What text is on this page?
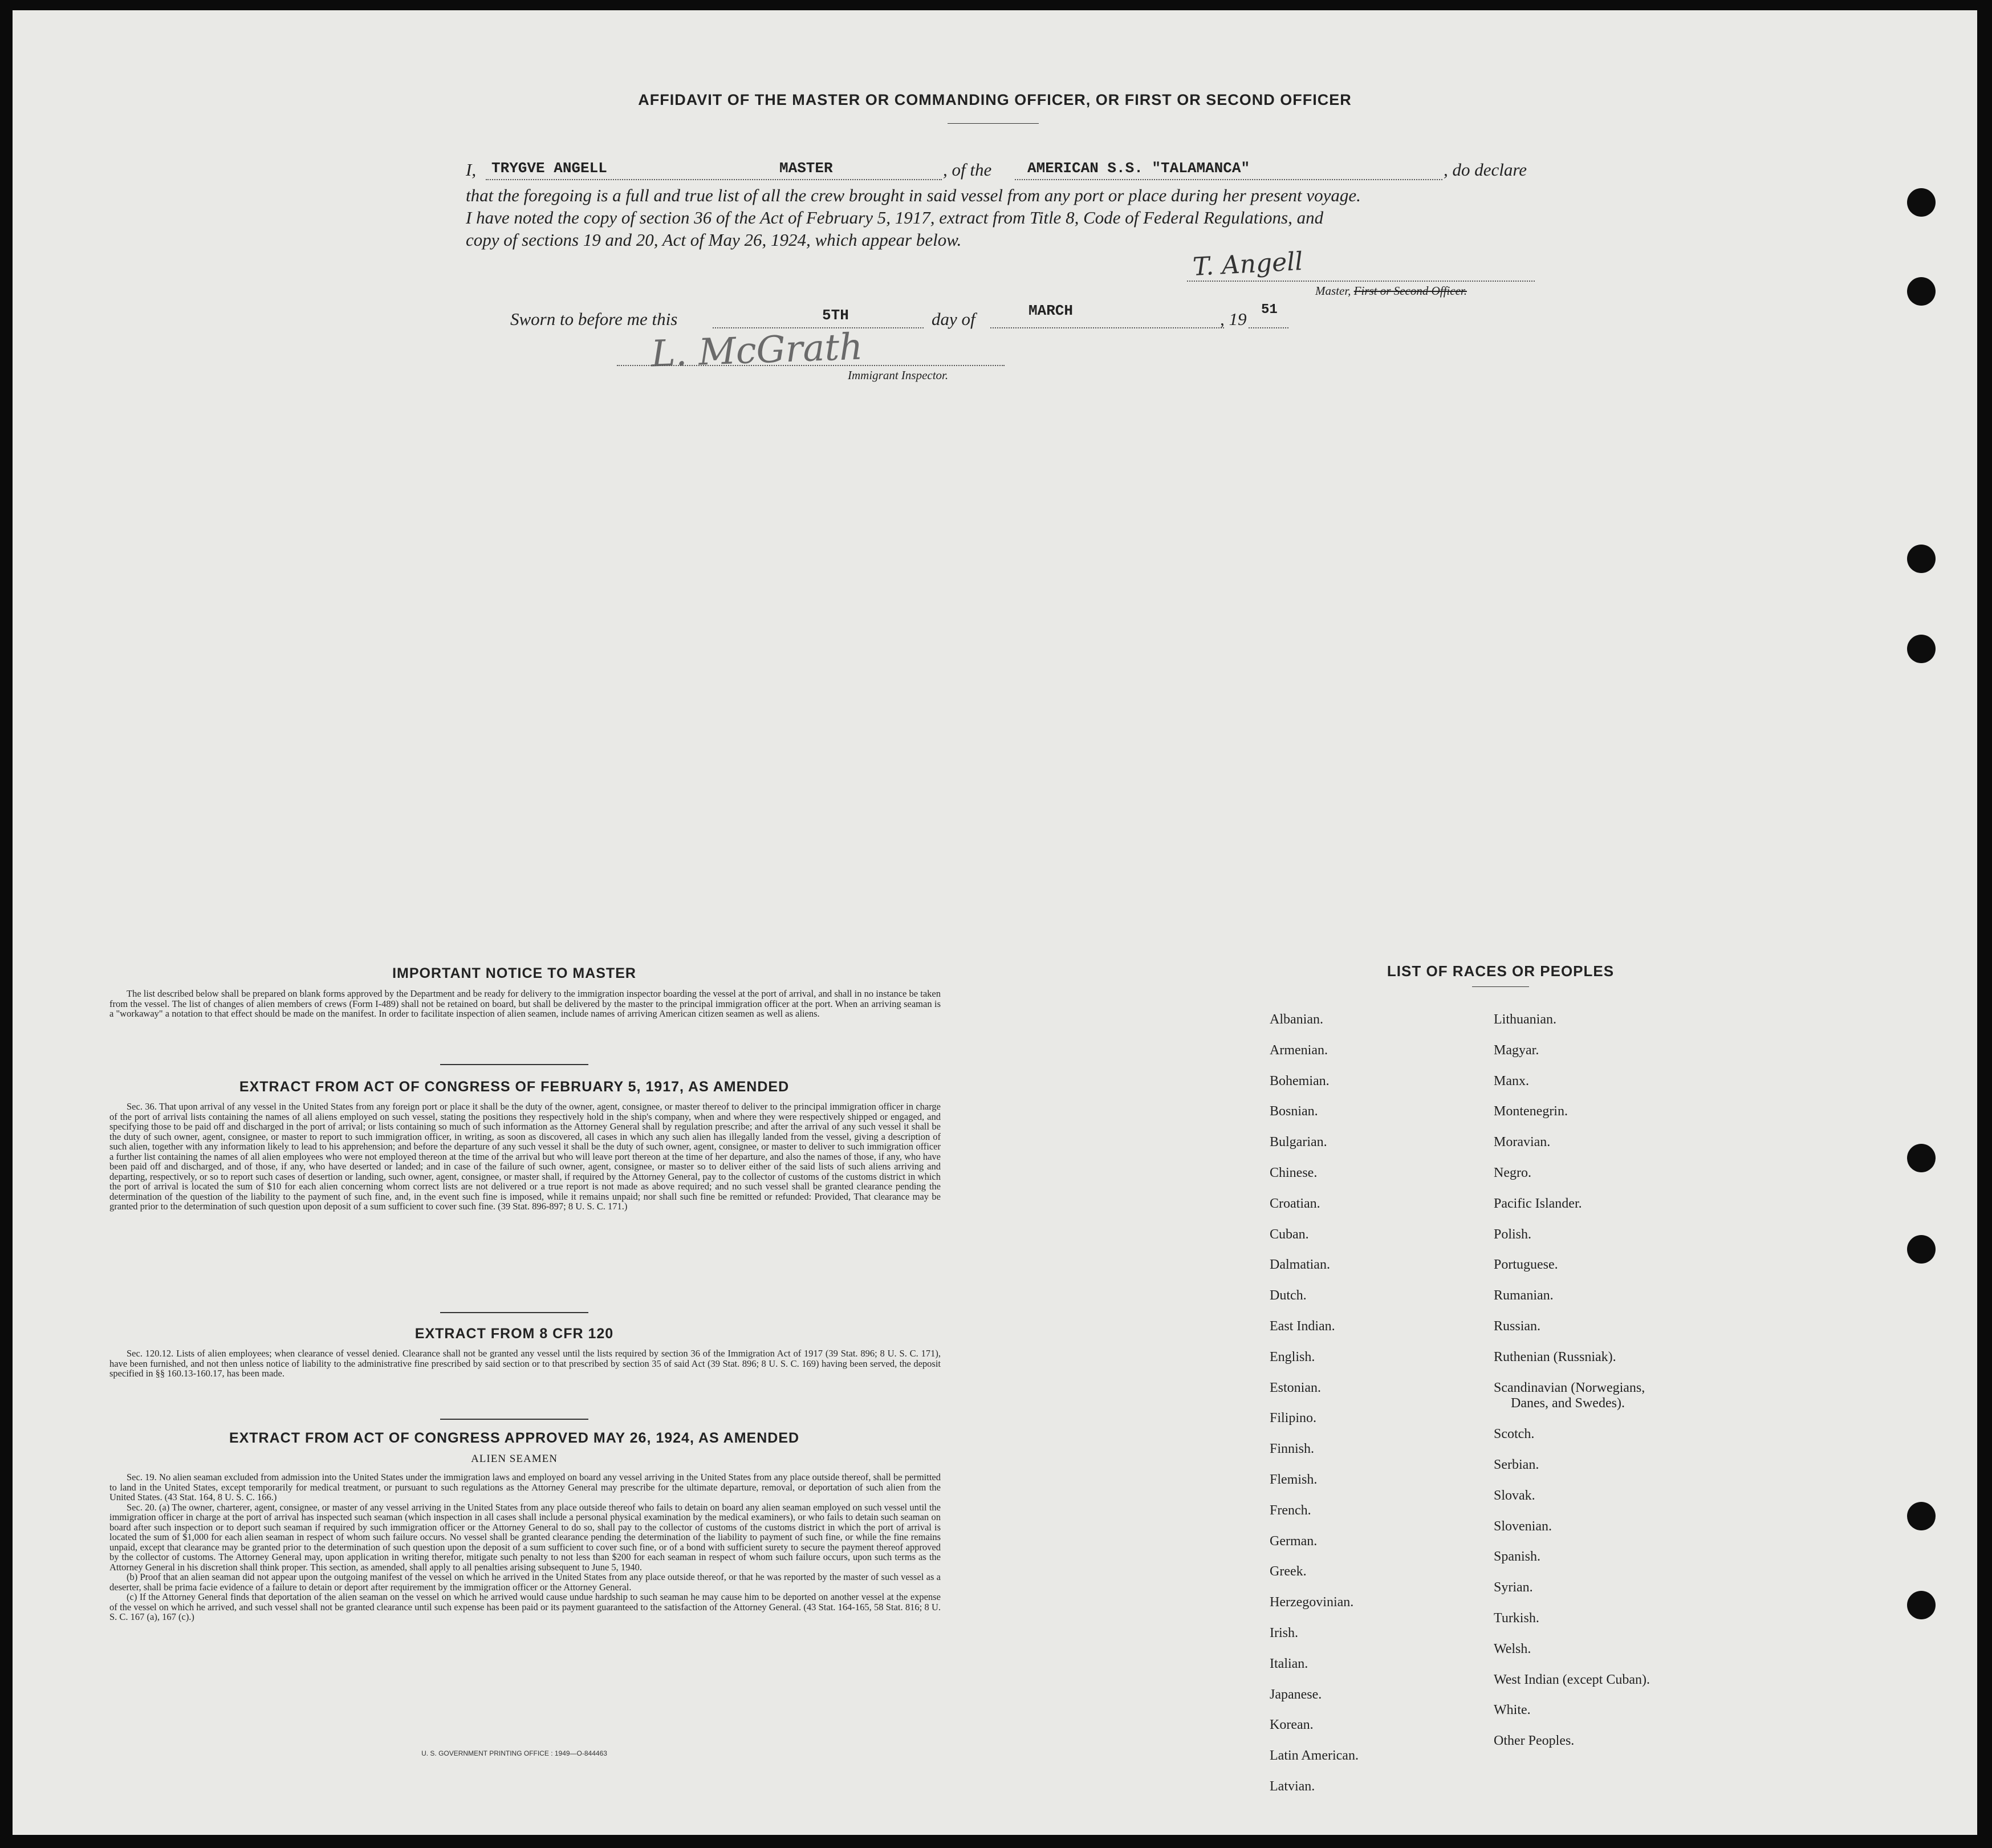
AFFIDAVIT OF THE MASTER OR COMMANDING OFFICER, OR FIRST OR SECOND OFFICER
I, TRYGVE ANGELL	MASTER	, of the AMERICAN S.S. "TALAMANCA"	, do declare
that the foregoing is a full and true list of all the crew brought in said vessel from any port or place during her present voyage.
I have noted the copy of section 36 of the Act of February 5, 1917, extract from Title 8, Code of Federal Regulations, and
copy of sections 19 and 20, Act of May 26, 1924, which appear below.
T. Angell
Master, First or Second Officer.
Sworn to before me this	5TH	day of	MARCH	, 19 51
L. McGrath
Immigrant Inspector.
IMPORTANT NOTICE TO MASTER
The list described below shall be prepared on blank forms approved by the Department and be ready for delivery to the immigration inspector boarding the vessel at the port of arrival, and shall in no instance be taken from the vessel. The list of changes of alien members of crews (Form I-489) shall not be retained on board, but shall be delivered by the master to the principal immigration officer at the port. When an arriving seaman is a "workaway" a notation to that effect should be made on the manifest. In order to facilitate inspection of alien seamen, include names of arriving American citizen seamen as well as aliens.
EXTRACT FROM ACT OF CONGRESS OF FEBRUARY 5, 1917, AS AMENDED
Sec. 36. That upon arrival of any vessel in the United States from any foreign port or place it shall be the duty of the owner, agent, consignee, or master thereof to deliver to the principal immigration officer in charge of the port of arrival lists containing the names of all aliens employed on such vessel, stating the positions they respectively hold in the ship's company, when and where they were respectively shipped or engaged, and specifying those to be paid off and discharged in the port of arrival; or lists containing so much of such information as the Attorney General shall by regulation prescribe; and after the arrival of any such vessel it shall be the duty of such owner, agent, consignee, or master to report to such immigration officer, in writing, as soon as discovered, all cases in which any such alien has illegally landed from the vessel, giving a description of such alien, together with any information likely to lead to his apprehension; and before the departure of any such vessel it shall be the duty of such owner, agent, consignee, or master to deliver to such immigration officer a further list containing the names of all alien employees who were not employed thereon at the time of the arrival but who will leave port thereon at the time of her departure, and also the names of those, if any, who have been paid off and discharged, and of those, if any, who have deserted or landed; and in case of the failure of such owner, agent, consignee, or master so to deliver either of the said lists of such aliens arriving and departing, respectively, or so to report such cases of desertion or landing, such owner, agent, consignee, or master shall, if required by the Attorney General, pay to the collector of customs of the customs district in which the port of arrival is located the sum of $10 for each alien concerning whom correct lists are not delivered or a true report is not made as above required; and no such vessel shall be granted clearance pending the determination of the question of the liability to the payment of such fine, and, in the event such fine is imposed, while it remains unpaid; nor shall such fine be remitted or refunded: Provided, That clearance may be granted prior to the determination of such question upon deposit of a sum sufficient to cover such fine. (39 Stat. 896-897; 8 U. S. C. 171.)
EXTRACT FROM 8 CFR 120
Sec. 120.12. Lists of alien employees; when clearance of vessel denied. Clearance shall not be granted any vessel until the lists required by section 36 of the Immigration Act of 1917 (39 Stat. 896; 8 U. S. C. 171), have been furnished, and not then unless notice of liability to the administrative fine prescribed by said section or to that prescribed by section 35 of said Act (39 Stat. 896; 8 U. S. C. 169) having been served, the deposit specified in §§ 160.13-160.17, has been made.
EXTRACT FROM ACT OF CONGRESS APPROVED MAY 26, 1924, AS AMENDED
ALIEN SEAMEN
Sec. 19. No alien seaman excluded from admission into the United States under the immigration laws and employed on board any vessel arriving in the United States from any place outside thereof, shall be permitted to land in the United States, except temporarily for medical treatment, or pursuant to such regulations as the Attorney General may prescribe for the ultimate departure, removal, or deportation of such alien from the United States. (43 Stat. 164, 8 U. S. C. 166.)
Sec. 20. (a) The owner, charterer, agent, consignee, or master of any vessel arriving in the United States from any place outside thereof who fails to detain on board any alien seaman employed on such vessel until the immigration officer in charge at the port of arrival has inspected such seaman (which inspection in all cases shall include a personal physical examination by the medical examiners), or who fails to detain such seaman on board after such inspection or to deport such seaman if required by such immigration officer or the Attorney General to do so, shall pay to the collector of customs of the customs district in which the port of arrival is located the sum of $1,000 for each alien seaman in respect of whom such failure occurs. No vessel shall be granted clearance pending the determination of the liability to payment of such fine, or while the fine remains unpaid, except that clearance may be granted prior to the determination of such question upon the deposit of a sum sufficient to cover such fine, or of a bond with sufficient surety to secure the payment thereof approved by the collector of customs. The Attorney General may, upon application in writing therefor, mitigate such penalty to not less than $200 for each seaman in respect of whom such failure occurs, upon such terms as the Attorney General in his discretion shall think proper. This section, as amended, shall apply to all penalties arising subsequent to June 5, 1940.
(b) Proof that an alien seaman did not appear upon the outgoing manifest of the vessel on which he arrived in the United States from any place outside thereof, or that he was reported by the master of such vessel as a deserter, shall be prima facie evidence of a failure to detain or deport after requirement by the immigration officer or the Attorney General.
(c) If the Attorney General finds that deportation of the alien seaman on the vessel on which he arrived would cause undue hardship to such seaman he may cause him to be deported on another vessel at the expense of the vessel on which he arrived, and such vessel shall not be granted clearance until such expense has been paid or its payment guaranteed to the satisfaction of the Attorney General. (43 Stat. 164-165, 58 Stat. 816; 8 U. S. C. 167 (a), 167 (c).)
U. S. GOVERNMENT PRINTING OFFICE : 1949—O-844463
LIST OF RACES OR PEOPLES
Albanian.
Armenian.
Bohemian.
Bosnian.
Bulgarian.
Chinese.
Croatian.
Cuban.
Dalmatian.
Dutch.
East Indian.
English.
Estonian.
Filipino.
Finnish.
Flemish.
French.
German.
Greek.
Herzegovinian.
Irish.
Italian.
Japanese.
Korean.
Latin American.
Latvian.
Lithuanian.
Magyar.
Manx.
Montenegrin.
Moravian.
Negro.
Pacific Islander.
Polish.
Portuguese.
Rumanian.
Russian.
Ruthenian (Russniak).
Scandinavian (Norwegians,
Danes, and Swedes).
Scotch.
Serbian.
Slovak.
Slovenian.
Spanish.
Syrian.
Turkish.
Welsh.
West Indian (except Cuban).
White.
Other Peoples.
